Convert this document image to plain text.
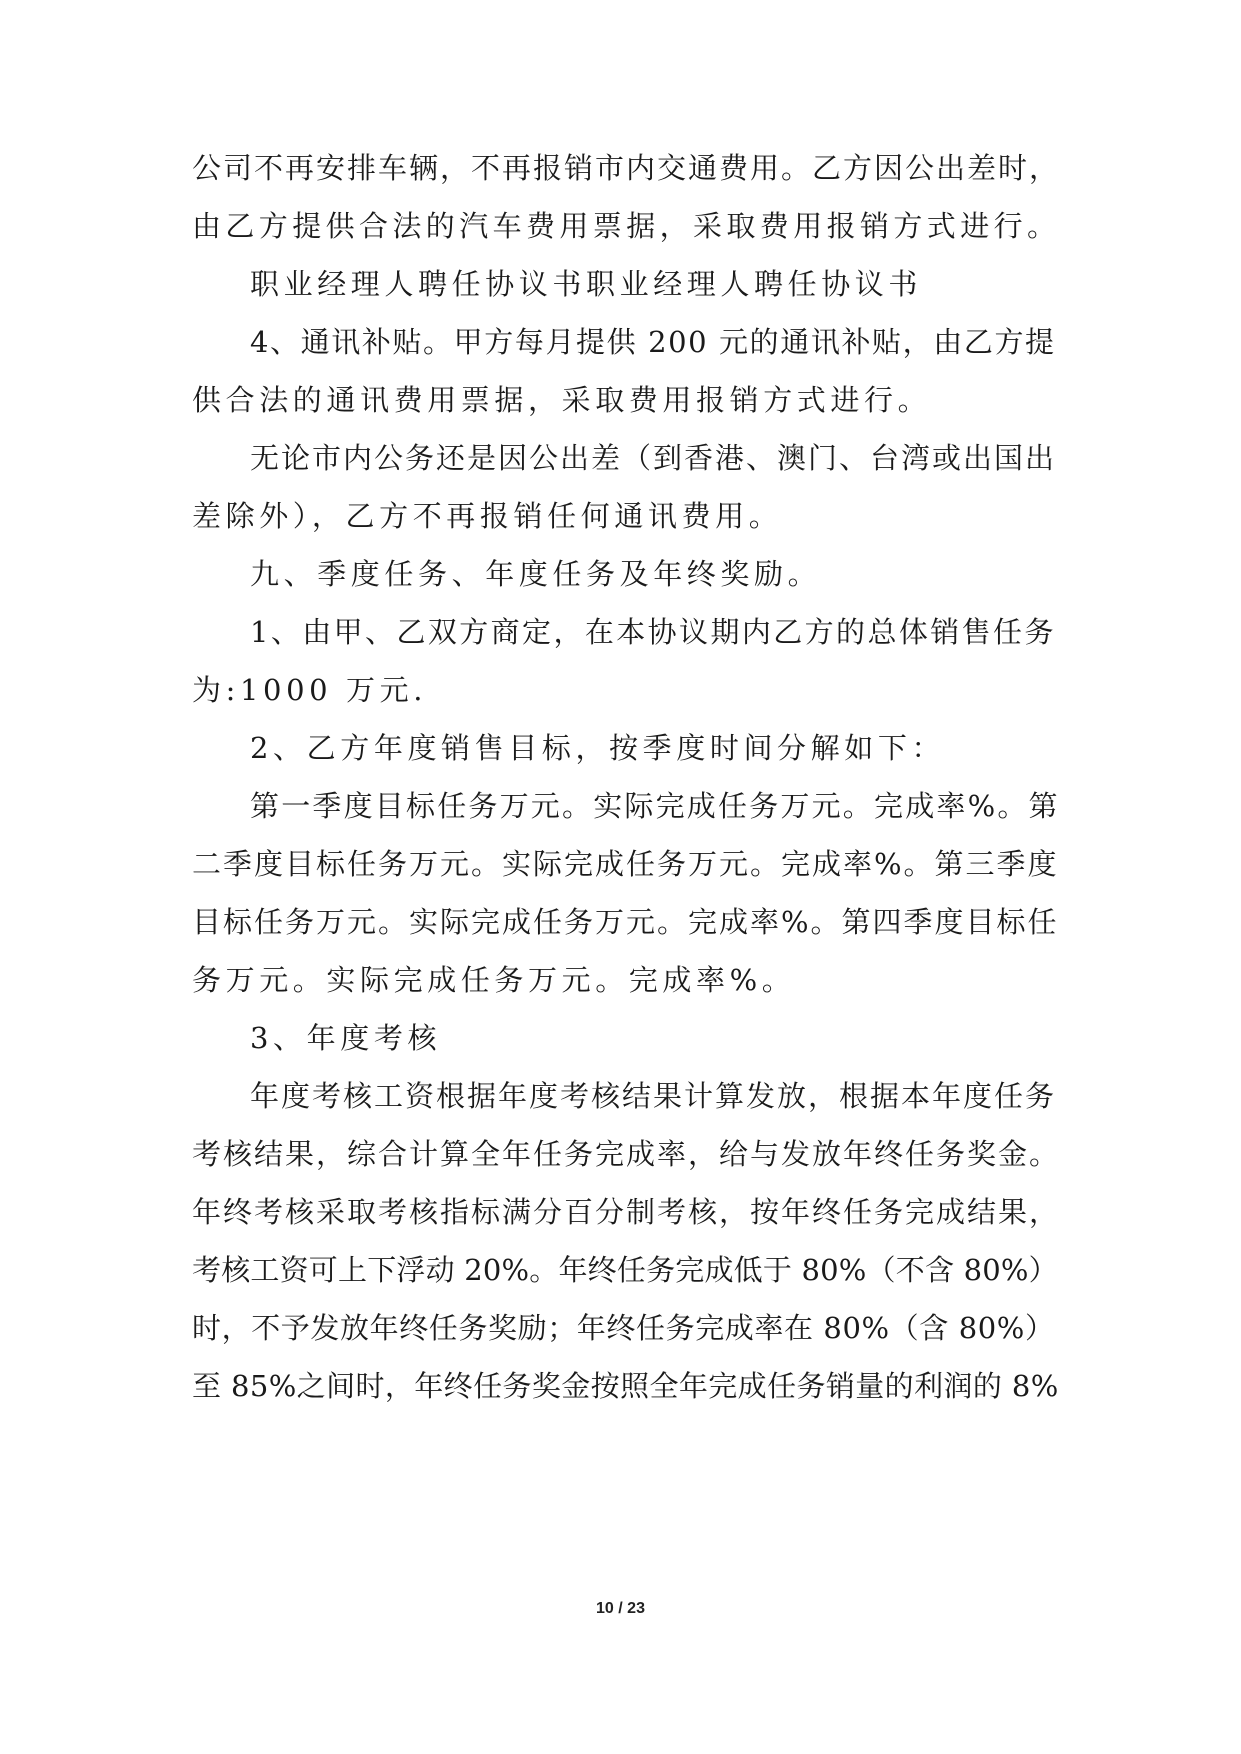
公司不再安排车辆，不再报销市内交通费用。乙方因公出差时，
由乙方提供合法的汽车费用票据，采取费用报销方式进行。
职业经理人聘任协议书职业经理人聘任协议书
4、通讯补贴。甲方每月提供 200 元的通讯补贴，由乙方提
供合法的通讯费用票据，采取费用报销方式进行。
无论市内公务还是因公出差（到香港、澳门、台湾或出国出
差除外），乙方不再报销任何通讯费用。
九、季度任务、年度任务及年终奖励。
1、由甲、乙双方商定，在本协议期内乙方的总体销售任务
为:1000 万元.
2、乙方年度销售目标，按季度时间分解如下：
第一季度目标任务万元。实际完成任务万元。完成率%。第
二季度目标任务万元。实际完成任务万元。完成率%。第三季度
目标任务万元。实际完成任务万元。完成率%。第四季度目标任
务万元。实际完成任务万元。完成率%。
3、年度考核
年度考核工资根据年度考核结果计算发放，根据本年度任务
考核结果，综合计算全年任务完成率，给与发放年终任务奖金。
年终考核采取考核指标满分百分制考核，按年终任务完成结果，
考核工资可上下浮动 20%。年终任务完成低于 80%（不含 80%）
时，不予发放年终任务奖励；年终任务完成率在 80%（含 80%）
至 85%之间时，年终任务奖金按照全年完成任务销量的利润的 8%
10 / 23
